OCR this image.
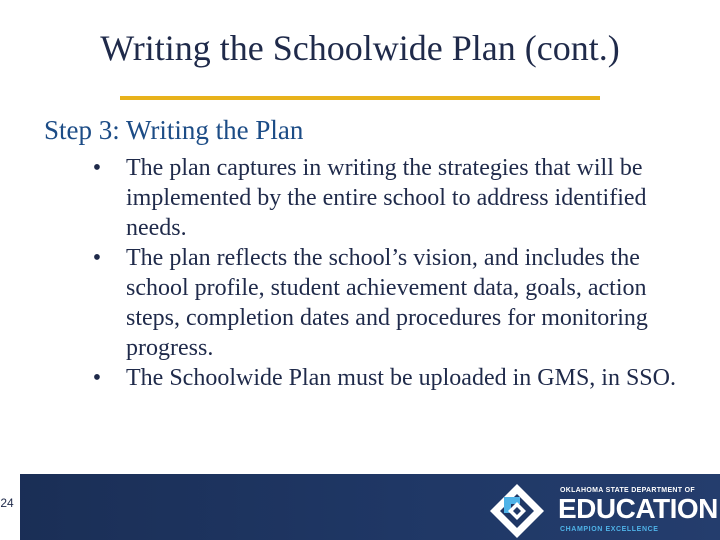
Writing the Schoolwide Plan (cont.)
Step 3: Writing the Plan
• The plan captures in writing the strategies that will be implemented by the entire school to address identified needs.
• The plan reflects the school’s vision, and includes the school profile, student achievement data, goals, action steps, completion dates and procedures for monitoring progress.
• The Schoolwide Plan must be uploaded in GMS, in SSO.
24
OKLAHOMA STATE DEPARTMENT OF
EDUCATION
CHAMPION EXCELLENCE
